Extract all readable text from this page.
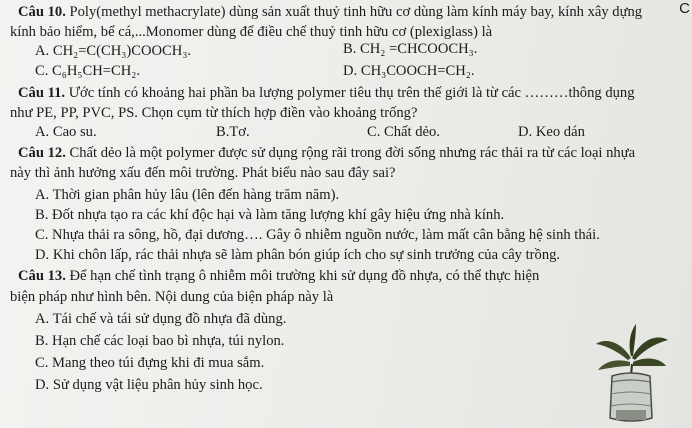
C
Câu 10. Poly(methyl methacrylate) dùng sản xuất thuỷ tinh hữu cơ dùng làm kính máy bay, kính xây dựng
kính bảo hiểm, bể cá,...Monomer dùng để điều chế thuỷ tinh hữu cơ (plexiglass) là
A. CH₂=C(CH₃)COOCH₃.	B. CH₂ =CHCOOCH₃.
C. C₆H₅CH=CH₂.	D. CH₃COOCH=CH₂.
Câu 11. Ước tính có khoảng hai phần ba lượng polymer tiêu thụ trên thế giới là từ các ………thông dụng
như PE, PP, PVC, PS. Chọn cụm từ thích hợp điền vào khoảng trống?
A. Cao su.	B.Tơ.	C. Chất dẻo.	D. Keo dán
Câu 12. Chất dẻo là một polymer được sử dụng rộng rãi trong đời sống nhưng rác thải ra từ các loại nhựa
này thì ảnh hưởng xấu đến môi trường. Phát biểu nào sau đây sai?
A. Thời gian phân hủy lâu (lên đến hàng trăm năm).
B. Đốt nhựa tạo ra các khí độc hại và làm tăng lượng khí gây hiệu ứng nhà kính.
C. Nhựa thải ra sông, hồ, đại dương…. Gây ô nhiễm nguồn nước, làm mất cân bằng hệ sinh thái.
D. Khi chôn lấp, rác thải nhựa sẽ làm phân bón giúp ích cho sự sinh trưởng của cây trồng.
Câu 13. Để hạn chế tình trạng ô nhiễm môi trường khi sử dụng đồ nhựa, có thể thực hiện
biện pháp như hình bên. Nội dung của biện pháp này là
A. Tái chế và tái sử dụng đồ nhựa đã dùng.
B. Hạn chế các loại bao bì nhựa, túi nylon.
C. Mang theo túi đựng khi đi mua sắm.
D. Sử dụng vật liệu phân hủy sinh học.
